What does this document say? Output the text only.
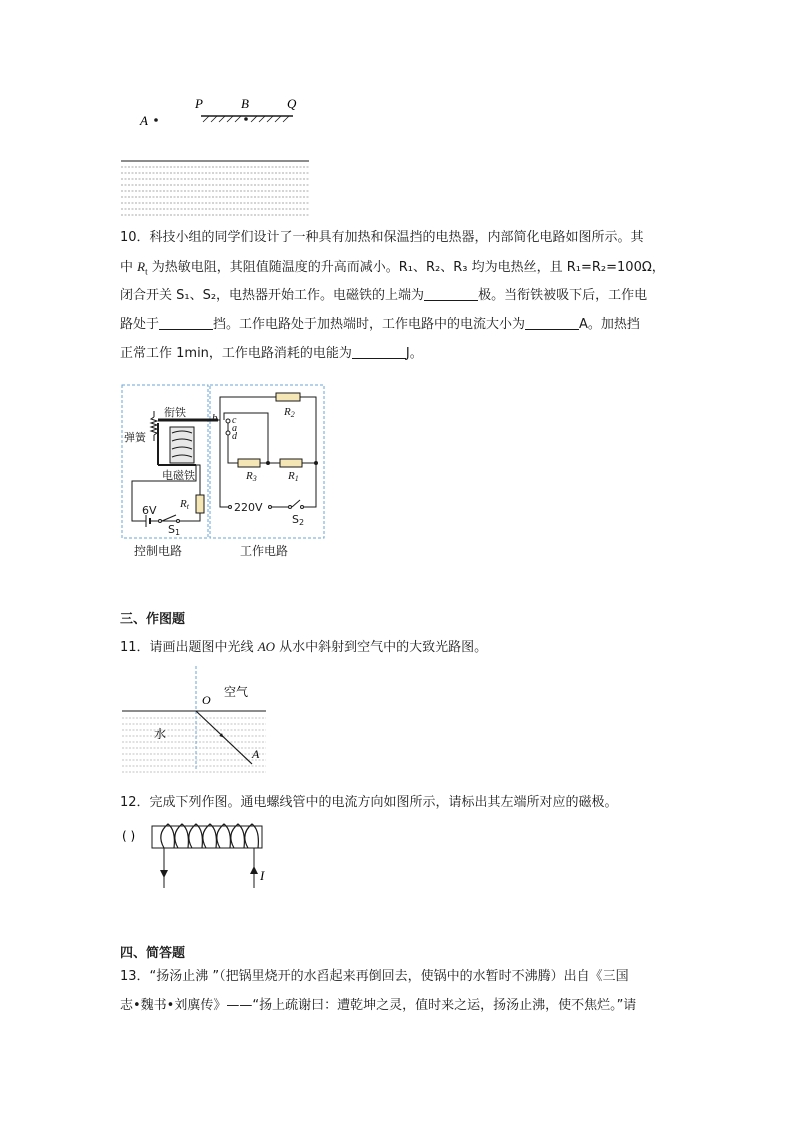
P	B	Q
A
10．科技小组的同学们设计了一种具有加热和保温挡的电热器，内部简化电路如图所示。其
中 $R_t$ 为热敏电阻，其阻值随温度的升高而减小。R₁、R₂、R₃ 均为电热丝，且 R₁=R₂=100Ω，
闭合开关 S₁、S₂，电热器开始工作。电磁铁的上端为	极。当衔铁被吸下后，工作电
路处于	挡。工作电路处于加热端时，工作电路中的电流大小为	A。加热挡
正常工作 1min，工作电路消耗的电能为	J。
衔铁
弹簧
电磁铁
6V
S1
Rt
b c
a
d
R2
R3	R1
220V
S2
控制电路	工作电路
三、作图题
11．请画出题图中光线 AO 从水中斜射到空气中的大致光路图。
O
空气
水
A
12．完成下列作图。通电螺线管中的电流方向如图所示，请标出其左端所对应的磁极。
( )
I
四、简答题
13．“扬汤止沸 ”（把锅里烧开的水舀起来再倒回去，使锅中的水暂时不沸腾）出自《三国
志•魏书•刘廙传》——“扬上疏谢曰：遭乾坤之灵，值时来之运，扬汤止沸，使不焦烂。”请
